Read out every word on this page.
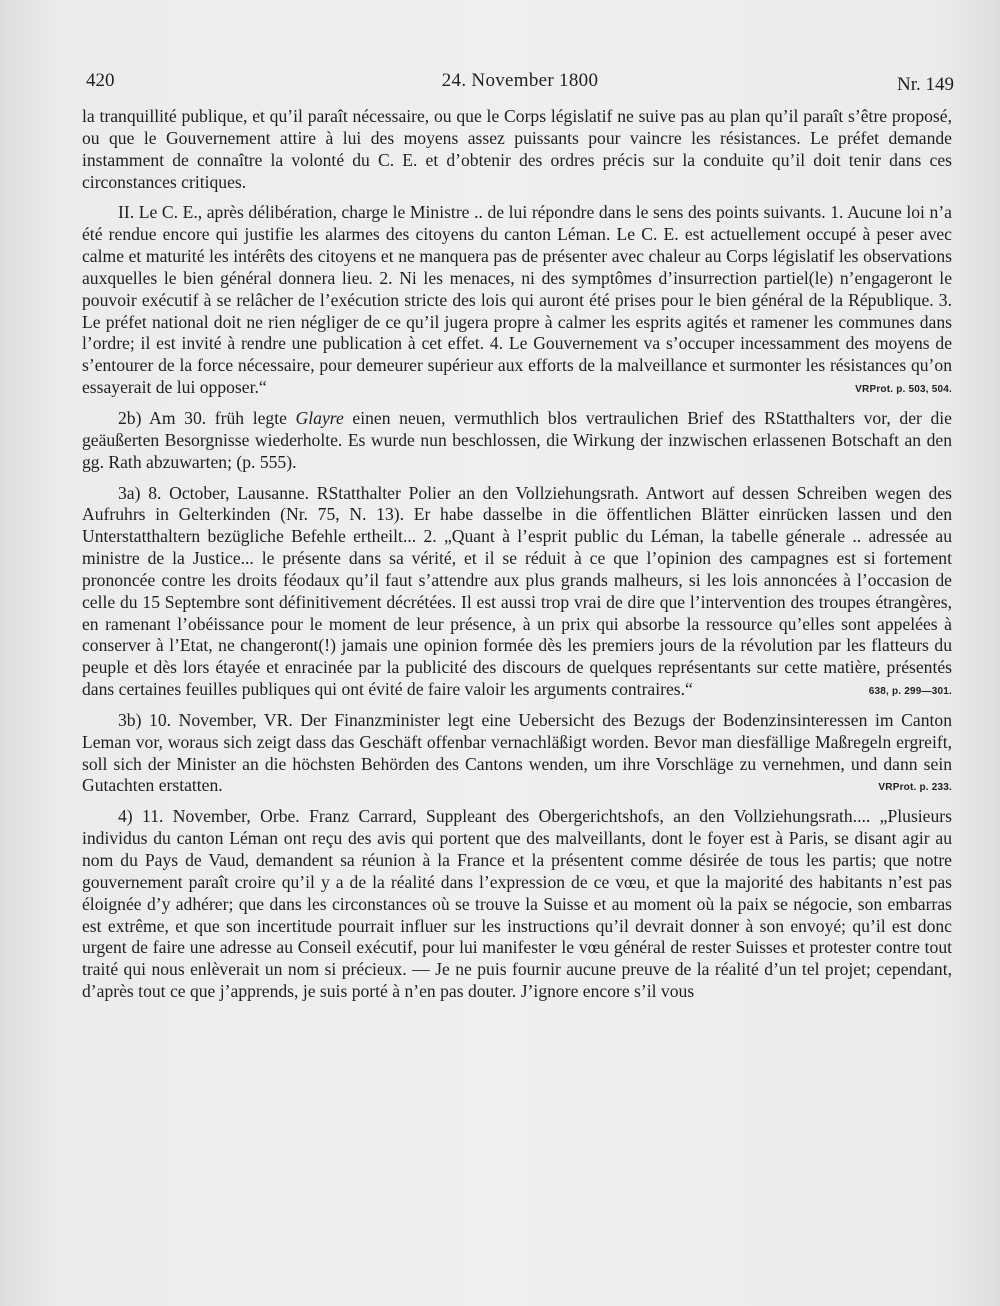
420	24. November 1800	Nr. 149

la tranquillité publique, et qu’il paraît nécessaire, ou que le Corps législatif ne suive pas au plan qu’il paraît s’être proposé, ou que le Gouvernement attire à lui des moyens assez puissants pour vaincre les résistances. Le préfet demande instamment de connaître la volonté du C. E. et d’obtenir des ordres précis sur la conduite qu’il doit tenir dans ces circonstances critiques.

II. Le C. E., après délibération, charge le Ministre .. de lui répondre dans le sens des points suivants. 1. Aucune loi n’a été rendue encore qui justifie les alarmes des citoyens du canton Léman. Le C. E. est actuellement occupé à peser avec calme et maturité les intérêts des citoyens et ne manquera pas de présenter avec chaleur au Corps législatif les observations auxquelles le bien général donnera lieu. 2. Ni les menaces, ni des symptômes d’insurrection partiel(le) n’engageront le pouvoir exécutif à se relâcher de l’exécution stricte des lois qui auront été prises pour le bien général de la République. 3. Le préfet national doit ne rien négliger de ce qu’il jugera propre à calmer les esprits agités et ramener les communes dans l’ordre; il est invité à rendre une publication à cet effet. 4. Le Gouvernement va s’occuper incessamment des moyens de s’entourer de la force nécessaire, pour demeurer supérieur aux efforts de la malveillance et surmonter les résistances qu’on essayerait de lui opposer.“	VRProt. p. 503, 504.

2b) Am 30. früh legte Glayre einen neuen, vermuthlich blos vertraulichen Brief des RStatthalters vor, der die geäußerten Besorgnisse wiederholte. Es wurde nun beschlossen, die Wirkung der inzwischen erlassenen Botschaft an den gg. Rath abzuwarten; (p. 555).

3a) 8. October, Lausanne. RStatthalter Polier an den Vollziehungsrath. Antwort auf dessen Schreiben wegen des Aufruhrs in Gelterkinden (Nr. 75, N. 13). Er habe dasselbe in die öffentlichen Blätter einrücken lassen und den Unterstatthaltern bezügliche Befehle ertheilt... 2. „Quant à l’esprit public du Léman, la tabelle génerale .. adressée au ministre de la Justice... le présente dans sa vérité, et il se réduit à ce que l’opinion des campagnes est si fortement prononcée contre les droits féodaux qu’il faut s’attendre aux plus grands malheurs, si les lois annoncées à l’occasion de celle du 15 Septembre sont définitivement décrétées. Il est aussi trop vrai de dire que l’intervention des troupes étrangères, en ramenant l’obéissance pour le moment de leur présence, à un prix qui absorbe la ressource qu’elles sont appelées à conserver à l’Etat, ne changeront(!) jamais une opinion formée dès les premiers jours de la révolution par les flatteurs du peuple et dès lors étayée et enracinée par la publicité des discours de quelques représentants sur cette matière, présentés dans certaines feuilles publiques qui ont évité de faire valoir les arguments contraires.“	638, p. 299—301.

3b) 10. November, VR. Der Finanzminister legt eine Uebersicht des Bezugs der Bodenzinsinteressen im Canton Leman vor, woraus sich zeigt dass das Geschäft offenbar vernachläßigt worden. Bevor man diesfällige Maßregeln ergreift, soll sich der Minister an die höchsten Behörden des Cantons wenden, um ihre Vorschläge zu vernehmen, und dann sein Gutachten erstatten.	VRProt. p. 233.

4) 11. November, Orbe. Franz Carrard, Suppleant des Obergerichtshofs, an den Vollziehungsrath.... „Plusieurs individus du canton Léman ont reçu des avis qui portent que des malveillants, dont le foyer est à Paris, se disant agir au nom du Pays de Vaud, demandent sa réunion à la France et la présentent comme désirée de tous les partis; que notre gouvernement paraît croire qu’il y a de la réalité dans l’expression de ce vœu, et que la majorité des habitants n’est pas éloignée d’y adhérer; que dans les circonstances où se trouve la Suisse et au moment où la paix se négocie, son embarras est extrême, et que son incertitude pourrait influer sur les instructions qu’il devrait donner à son envoyé; qu’il est donc urgent de faire une adresse au Conseil exécutif, pour lui manifester le vœu général de rester Suisses et protester contre tout traité qui nous enlèverait un nom si précieux. — Je ne puis fournir aucune preuve de la réalité d’un tel projet; cependant, d’après tout ce que j’apprends, je suis porté à n’en pas douter. J’ignore encore s’il vous
